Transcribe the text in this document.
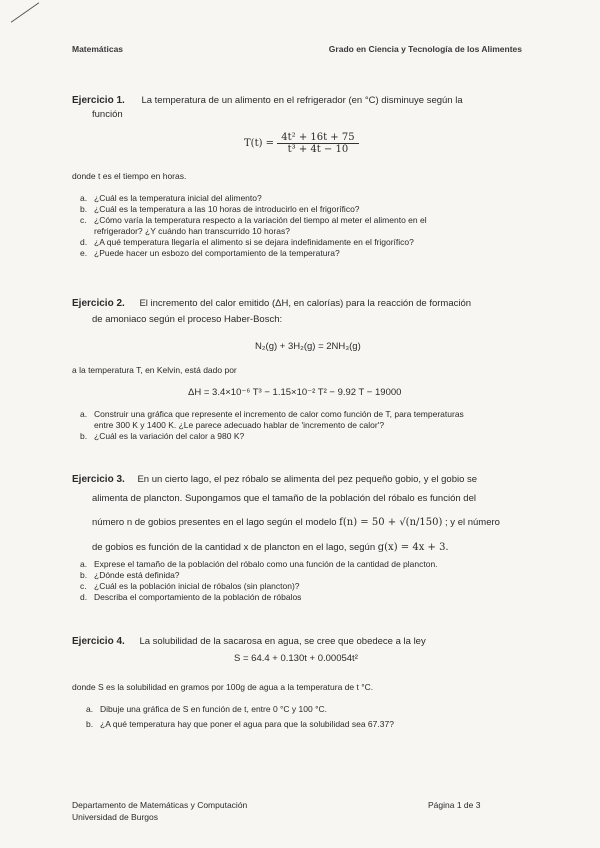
Matemáticas	Grado en Ciencia y Tecnología de los Alimentes
Ejercicio 1. La temperatura de un alimento en el refrigerador (en °C) disminuye según la
función
$T(t) = \frac{\text{4t² + 16t + 75}}{\text{t³ + 4t − 10}}$
donde t es el tiempo en horas.
a. ¿Cuál es la temperatura inicial del alimento?
b. ¿Cuál es la temperatura a las 10 horas de introducirlo en el frigorífico?
c. ¿Cómo varía la temperatura respecto a la variación del tiempo al meter el alimento en el
refrigerador? ¿Y cuándo han transcurrido 10 horas?
d. ¿A qué temperatura llegaría el alimento si se dejara indefinidamente en el frigorífico?
e. ¿Puede hacer un esbozo del comportamiento de la temperatura?
Ejercicio 2. El incremento del calor emitido (ΔH, en calorías) para la reacción de formación
de amoniaco según el proceso Haber-Bosch:
N₂(g) + 3H₂(g) = 2NH₃(g)
a la temperatura T, en Kelvin, está dado por
ΔH = 3.4×10⁻⁶ T³ − 1.15×10⁻² T² − 9.92 T − 19000
a. Construir una gráfica que represente el incremento de calor como función de T, para temperaturas
entre 300 K y 1400 K. ¿Le parece adecuado hablar de 'incremento de calor'?
b. ¿Cuál es la variación del calor a 980 K?
Ejercicio 3. En un cierto lago, el pez róbalo se alimenta del pez pequeño gobio, y el gobio se
alimenta de plancton. Supongamos que el tamaño de la población del róbalo es función del
número n de gobios presentes en el lago según el modelo f(n) = 50 + √(n/150) ; y el número
de gobios es función de la cantidad x de plancton en el lago, según g(x) = 4x + 3.
a. Exprese el tamaño de la población del róbalo como una función de la cantidad de plancton.
b. ¿Dónde está definida?
c. ¿Cuál es la población inicial de róbalos (sin plancton)?
d. Describa el comportamiento de la población de róbalos
Ejercicio 4. La solubilidad de la sacarosa en agua, se cree que obedece a la ley
S = 64.4 + 0.130t + 0.00054t²
donde S es la solubilidad en gramos por 100g de agua a la temperatura de t °C.
a. Dibuje una gráfica de S en función de t, entre 0 °C y 100 °C.
b. ¿A qué temperatura hay que poner el agua para que la solubilidad sea 67.37?
Departamento de Matemáticas y Computación
Universidad de Burgos
Página 1 de 3
